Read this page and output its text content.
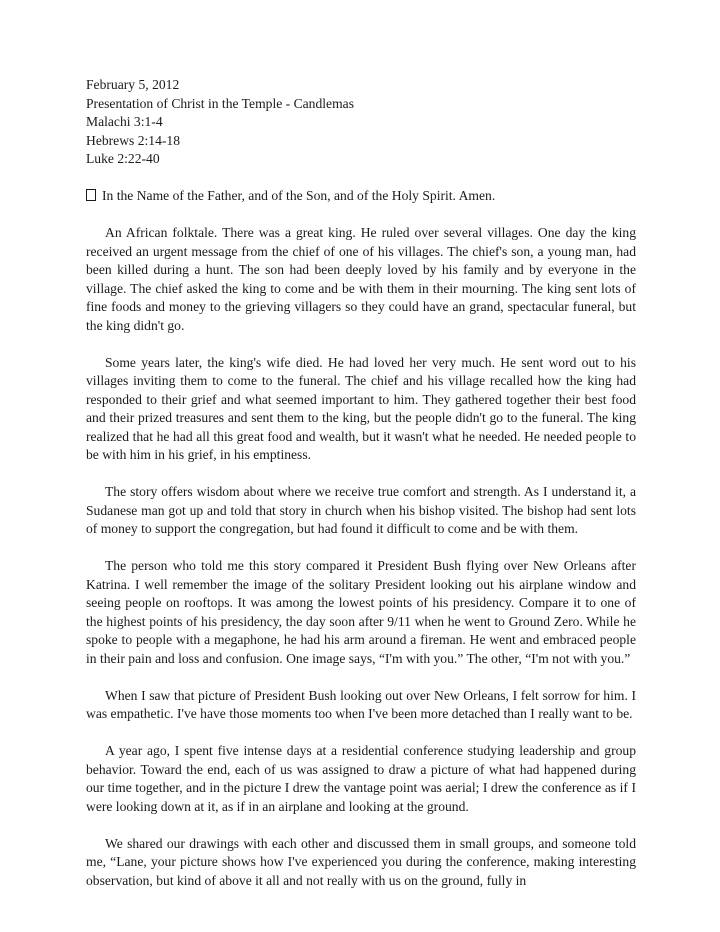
February 5, 2012
Presentation of Christ in the Temple - Candlemas
Malachi 3:1-4
Hebrews 2:14-18
Luke 2:22-40
In the Name of the Father, and of the Son, and of the Holy Spirit. Amen.

An African folktale. There was a great king. He ruled over several villages. One day the king received an urgent message from the chief of one of his villages. The chief's son, a young man, had been killed during a hunt. The son had been deeply loved by his family and by everyone in the village. The chief asked the king to come and be with them in their mourning. The king sent lots of fine foods and money to the grieving villagers so they could have an grand, spectacular funeral, but the king didn't go.

Some years later, the king's wife died. He had loved her very much. He sent word out to his villages inviting them to come to the funeral. The chief and his village recalled how the king had responded to their grief and what seemed important to him. They gathered together their best food and their prized treasures and sent them to the king, but the people didn't go to the funeral. The king realized that he had all this great food and wealth, but it wasn't what he needed. He needed people to be with him in his grief, in his emptiness.

The story offers wisdom about where we receive true comfort and strength. As I understand it, a Sudanese man got up and told that story in church when his bishop visited. The bishop had sent lots of money to support the congregation, but had found it difficult to come and be with them.

The person who told me this story compared it President Bush flying over New Orleans after Katrina. I well remember the image of the solitary President looking out his airplane window and seeing people on rooftops. It was among the lowest points of his presidency. Compare it to one of the highest points of his presidency, the day soon after 9/11 when he went to Ground Zero. While he spoke to people with a megaphone, he had his arm around a fireman. He went and embraced people in their pain and loss and confusion. One image says, “I'm with you.” The other, “I'm not with you.”

When I saw that picture of President Bush looking out over New Orleans, I felt sorrow for him. I was empathetic. I've have those moments too when I've been more detached than I really want to be.

A year ago, I spent five intense days at a residential conference studying leadership and group behavior. Toward the end, each of us was assigned to draw a picture of what had happened during our time together, and in the picture I drew the vantage point was aerial; I drew the conference as if I were looking down at it, as if in an airplane and looking at the ground.

We shared our drawings with each other and discussed them in small groups, and someone told me, “Lane, your picture shows how I've experienced you during the conference, making interesting observation, but kind of above it all and not really with us on the ground, fully in
